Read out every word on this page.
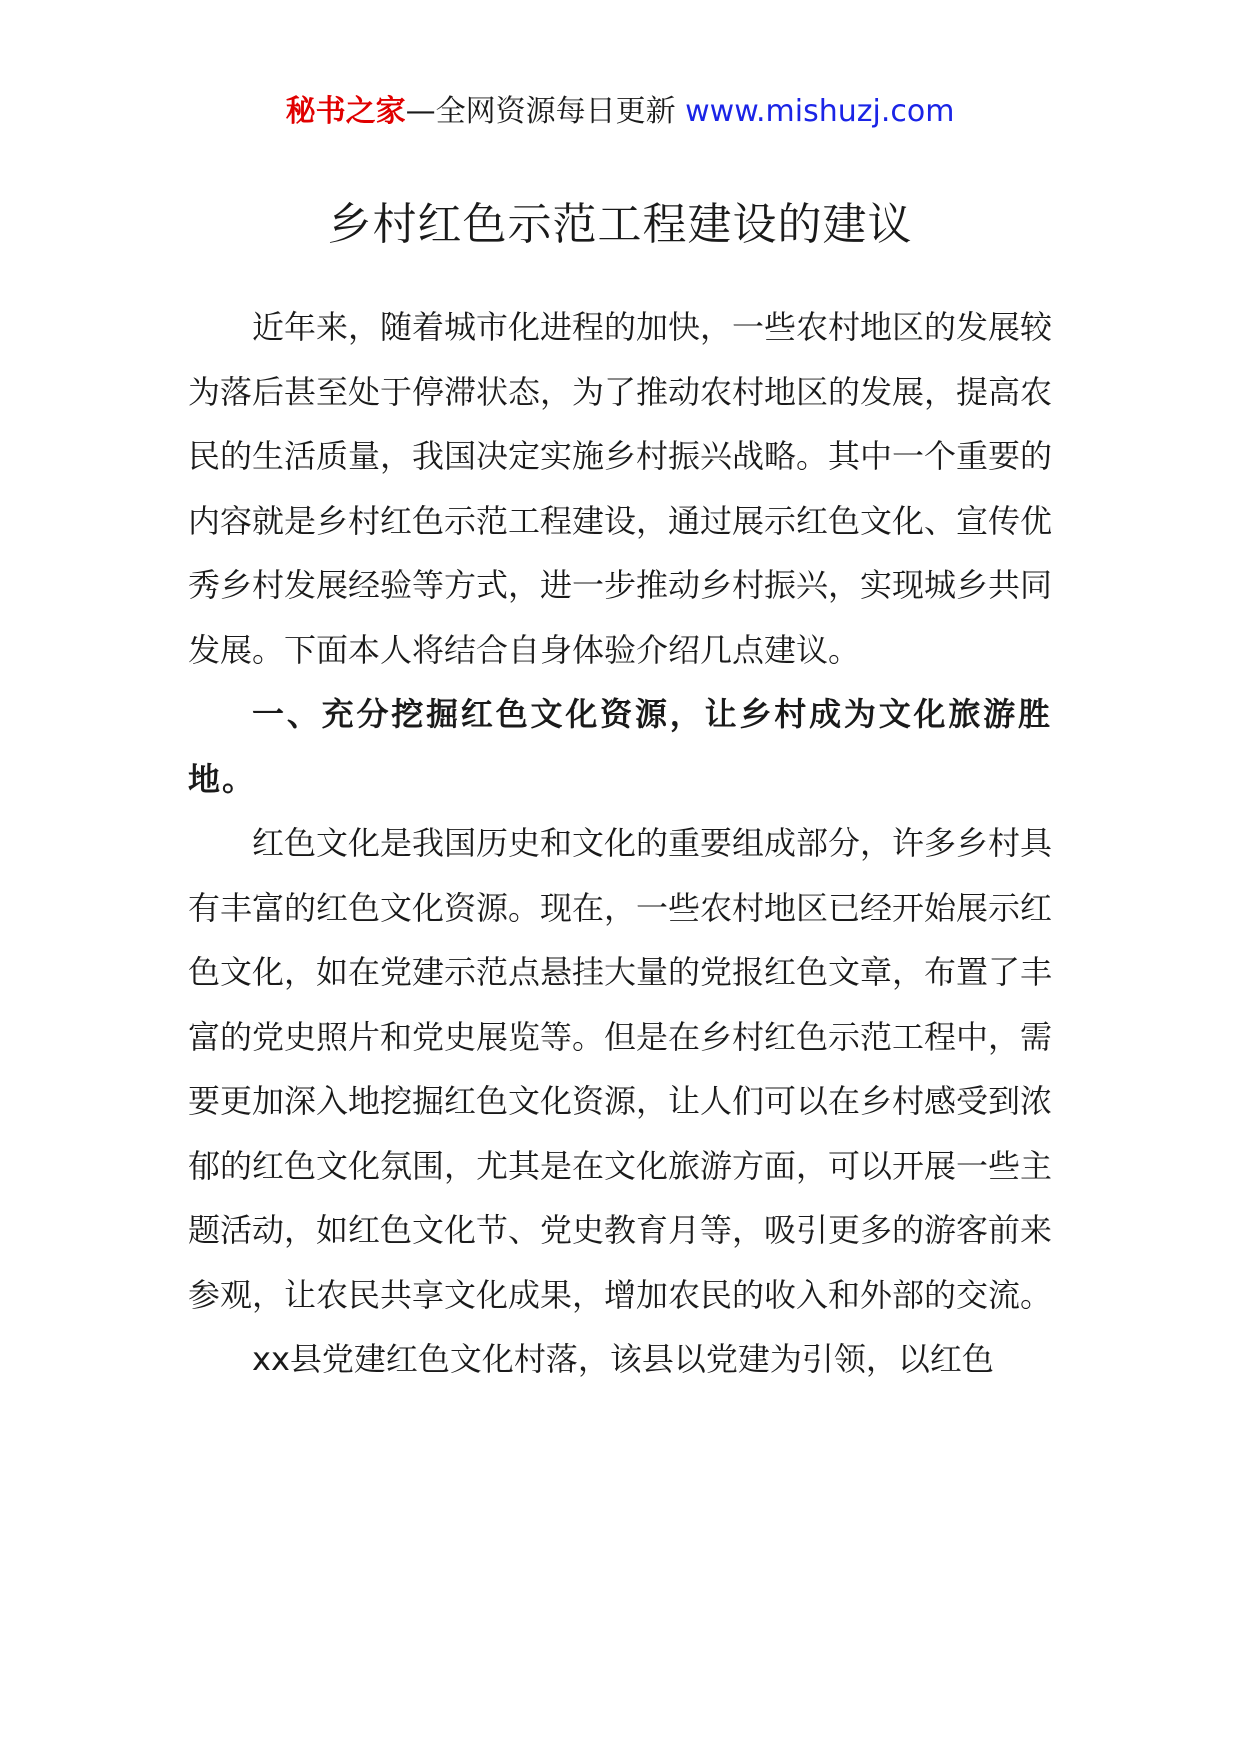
秘书之家—全网资源每日更新 www.mishuzj.com
乡村红色示范工程建设的建议

近年来，随着城市化进程的加快，一些农村地区的发展较为落后甚至处于停滞状态，为了推动农村地区的发展，提高农民的生活质量，我国决定实施乡村振兴战略。其中一个重要的内容就是乡村红色示范工程建设，通过展示红色文化、宣传优秀乡村发展经验等方式，进一步推动乡村振兴，实现城乡共同发展。下面本人将结合自身体验介绍几点建议。

一、充分挖掘红色文化资源，让乡村成为文化旅游胜地。

红色文化是我国历史和文化的重要组成部分，许多乡村具有丰富的红色文化资源。现在，一些农村地区已经开始展示红色文化，如在党建示范点悬挂大量的党报红色文章，布置了丰富的党史照片和党史展览等。但是在乡村红色示范工程中，需要更加深入地挖掘红色文化资源，让人们可以在乡村感受到浓郁的红色文化氛围，尤其是在文化旅游方面，可以开展一些主题活动，如红色文化节、党史教育月等，吸引更多的游客前来参观，让农民共享文化成果，增加农民的收入和外部的交流。

xx县党建红色文化村落，该县以党建为引领，以红色
